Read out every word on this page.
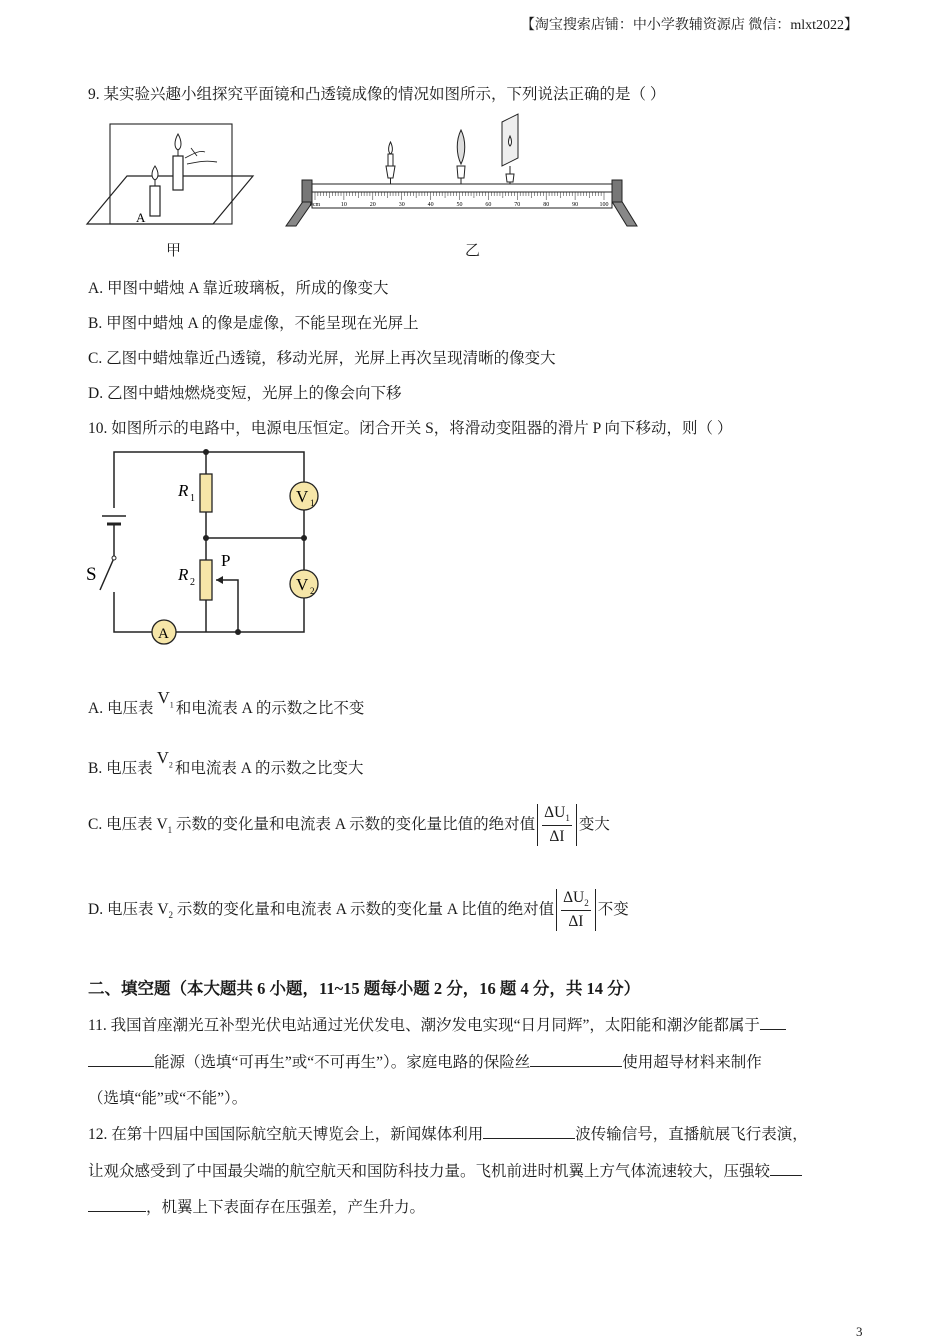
【淘宝搜索店铺：中小学教辅资源店 微信：mlxt2022】
9. 某实验兴趣小组探究平面镜和凸透镜成像的情况如图所示，下列说法正确的是（ ）
A
甲
0cm	10	20	30	40	50	60	70	80	90	100
乙
A. 甲图中蜡烛 A 靠近玻璃板，所成的像变大
B. 甲图中蜡烛 A 的像是虚像，不能呈现在光屏上
C. 乙图中蜡烛靠近凸透镜，移动光屏，光屏上再次呈现清晰的像变大
D. 乙图中蜡烛燃烧变短，光屏上的像会向下移
10. 如图所示的电路中，电源电压恒定。闭合开关 S，将滑动变阻器的滑片 P 向下移动，则（ ）
V 1
V 2
A
R 1
R 2
P
S
A. 电压表$V_1$ 和电流表 A 的示数之比不变
B. 电压表$V_2$ 和电流表 A 的示数之比变大
C. 电压表 $V_1$ 示数的变化量和电流表 A 示数的变化量比值的绝对值 $\frac{\Delta U_1}{\Delta I}$ 变大
D. 电压表 $V_2$ 示数的变化量和电流表 A 示数的变化量 A 比值的绝对值 $\frac{\Delta U_2}{\Delta I}$ 不变
二、填空题（本大题共 6 小题，11~15 题每小题 2 分，16 题 4 分，共 14 分）
11. 我国首座潮光互补型光伏电站通过光伏发电、潮汐发电实现“日月同辉”，太阳能和潮汐能都属于
能源（选填“可再生”或“不可再生”）。家庭电路的保险丝	使用超导材料来制作
（选填“能”或“不能”）。
12. 在第十四届中国国际航空航天博览会上，新闻媒体利用	波传输信号，直播航展飞行表演，
让观众感受到了中国最尖端的航空航天和国防科技力量。飞机前进时机翼上方气体流速较大，压强较
，机翼上下表面存在压强差，产生升力。
3
